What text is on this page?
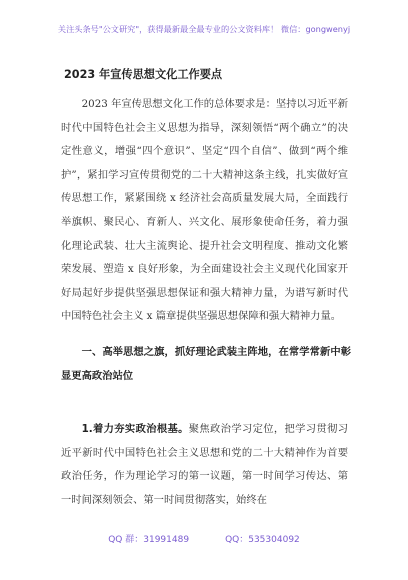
关注头条号"公文研究"，获得最新最全最专业的公文资料库！ 微信：gongwenyj
2023 年宣传思想文化工作要点

2023 年宣传思想文化工作的总体要求是：坚持以习近平新时代中国特色社会主义思想为指导，深刻领悟“两个确立”的决定性意义，增强“四个意识”、坚定“四个自信”、做到“两个维护”，紧扣学习宣传贯彻党的二十大精神这条主线，扎实做好宣传思想工作，紧紧围绕 x 经济社会高质量发展大局，全面践行举旗帜、聚民心、育新人、兴文化、展形象使命任务，着力强化理论武装、壮大主流舆论、提升社会文明程度、推动文化繁荣发展、塑造 x 良好形象，为全面建设社会主义现代化国家开好局起好步提供坚强思想保证和强大精神力量，为谱写新时代中国特色社会主义 x 篇章提供坚强思想保障和强大精神力量。

一、高举思想之旗，抓好理论武装主阵地，在常学常新中彰显更高政治站位

1.着力夯实政治根基。聚焦政治学习定位，把学习贯彻习近平新时代中国特色社会主义思想和党的二十大精神作为首要政治任务，作为理论学习的第一议题，第一时间学习传达、第一时间深刻领会、第一时间贯彻落实，始终在

QQ 群：31991489	QQ：535304092
